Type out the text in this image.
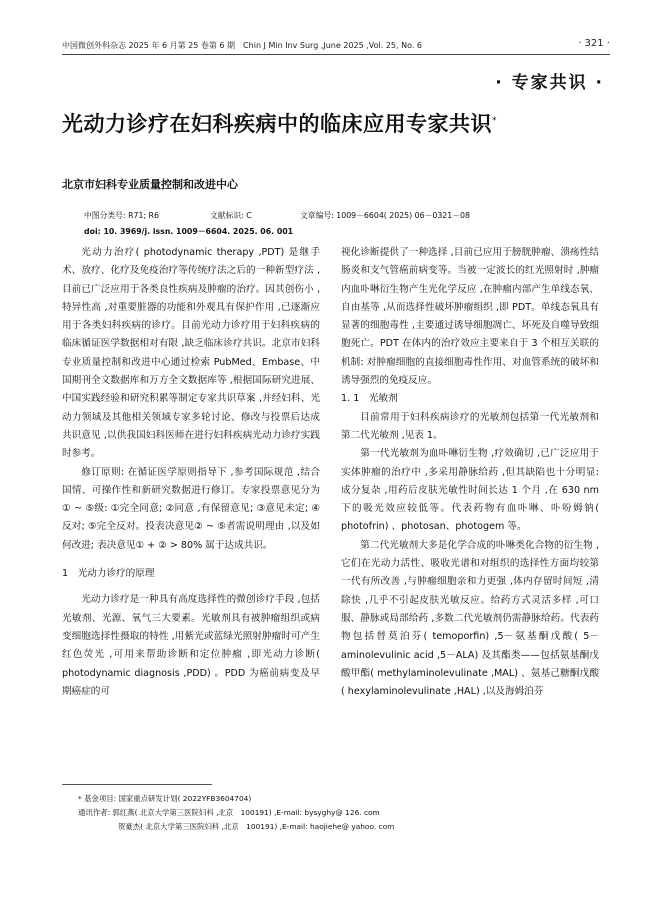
中国微创外科杂志 2025 年 6 月第 25 卷第 6 期　Chin J Min Inv Surg ,June 2025 ,Vol. 25, No. 6	· 321 ·
· 专家共识 ·
光动力诊疗在妇科疾病中的临床应用专家共识*
北京市妇科专业质量控制和改进中心
中图分类号: R71; R6	文献标识: C	文章编号: 1009－6604( 2025) 06－0321－08
doi: 10. 3969/j. issn. 1009－6604. 2025. 06. 001

光动力治疗( photodynamic therapy ,PDT) 是继手术、放疗、化疗及免疫治疗等传统疗法之后的一种新型疗法 ,目前已广泛应用于各类良性疾病及肿瘤的治疗。因其创伤小 ,特异性高 ,对重要脏器的功能和外观具有保护作用 ,已逐渐应用于各类妇科疾病的诊疗。目前光动力诊疗用于妇科疾病的临床循证医学数据相对有限 ,缺乏临床诊疗共识。北京市妇科专业质量控制和改进中心通过检索 PubMed、Embase、中国期刊全文数据库和万方全文数据库等 ,根据国际研究进展、中国实践经验和研究积累等制定专家共识草案 ,并经妇科、光动力领域及其他相关领域专家多轮讨论、修改与投票后达成共识意见 ,以供我国妇科医师在进行妇科疾病光动力诊疗实践时参考。

修订原则: 在循证医学原则指导下 ,参考国际规范 ,结合国情、可操作性和新研究数据进行修订。专家投票意见分为① ~ ⑤级: ①完全同意; ②同意 ,有保留意见; ③意见未定; ④反对; ⑤完全反对。投表决意见② ~ ⑤者需说明理由 ,以及如何改进; 表决意见① + ② > 80% 属于达成共识。

1　光动力诊疗的原理

光动力诊疗是一种具有高度选择性的微创诊疗手段 ,包括光敏剂、光源、氧气三大要素。光敏剂具有被肿瘤组织或病变细胞选择性摄取的特性 ,用紫光或蓝绿光照射肿瘤时可产生红色荧光 ,可用来帮助诊断和定位肿瘤 ,即光动力诊断( photodynamic diagnosis ,PDD) 。PDD 为癌前病变及早期癌症的可

视化诊断提供了一种选择 ,目前已应用于膀胱肿瘤、溃疡性结肠炎和支气管癌前病变等。当被一定波长的红光照射时 ,肿瘤内血卟啉衍生物产生光化学反应 ,在肿瘤内部产生单线态氧、自由基等 ,从而选择性破坏肿瘤组织 ,即 PDT。单线态氧具有显著的细胞毒性 ,主要通过诱导细胞凋亡、坏死及自噬导致细胞死亡。PDT 在体内的治疗效应主要来自于 3 个相互关联的机制: 对肿瘤细胞的直接细胞毒性作用、对血管系统的破坏和诱导强烈的免疫反应。

1. 1　光敏剂

目前常用于妇科疾病诊疗的光敏剂包括第一代光敏剂和第二代光敏剂 ,见表 1。

第一代光敏剂为血卟啉衍生物 ,疗效确切 ,已广泛应用于实体肿瘤的治疗中 ,多采用静脉给药 ,但其缺陷也十分明显: 成分复杂 ,用药后皮肤光敏性时间长达 1 个月 ,在 630 nm 下的吸光效应较低等。代表药物有血卟啉、卟吩姆钠( photofrin) 、photosan、photogem 等。

第二代光敏剂大多是化学合成的卟啉类化合物的衍生物 ,它们在光动力活性、吸收光谱和对组织的选择性方面均较第一代有所改善 ,与肿瘤细胞亲和力更强 ,体内存留时间短 ,清除快 ,几乎不引起皮肤光敏反应。给药方式灵活多样 ,可口服、静脉或局部给药 ,多数二代光敏剂仍需静脉给药。代表药物包括替莫泊芬( temoporfin) ,5－氨基酮戊酸( 5－aminolevulinic acid ,5－ALA) 及其酯类——包括氨基酮戊酸甲酯( methylaminolevulinate ,MAL) 、氨基己糖酮戊酸( hexylaminolevulinate ,HAL) ,以及海姆泊芬

* 基金项目: 国家重点研发计划( 2022YFB3604704)
通讯作者: 郭红燕( 北京大学第三医院妇科 ,北京　100191) ,E-mail: bysyghy@ 126. com
贺豪杰( 北京大学第三医院妇科 ,北京　100191) ,E-mail: haojiehe@ yahoo. com
